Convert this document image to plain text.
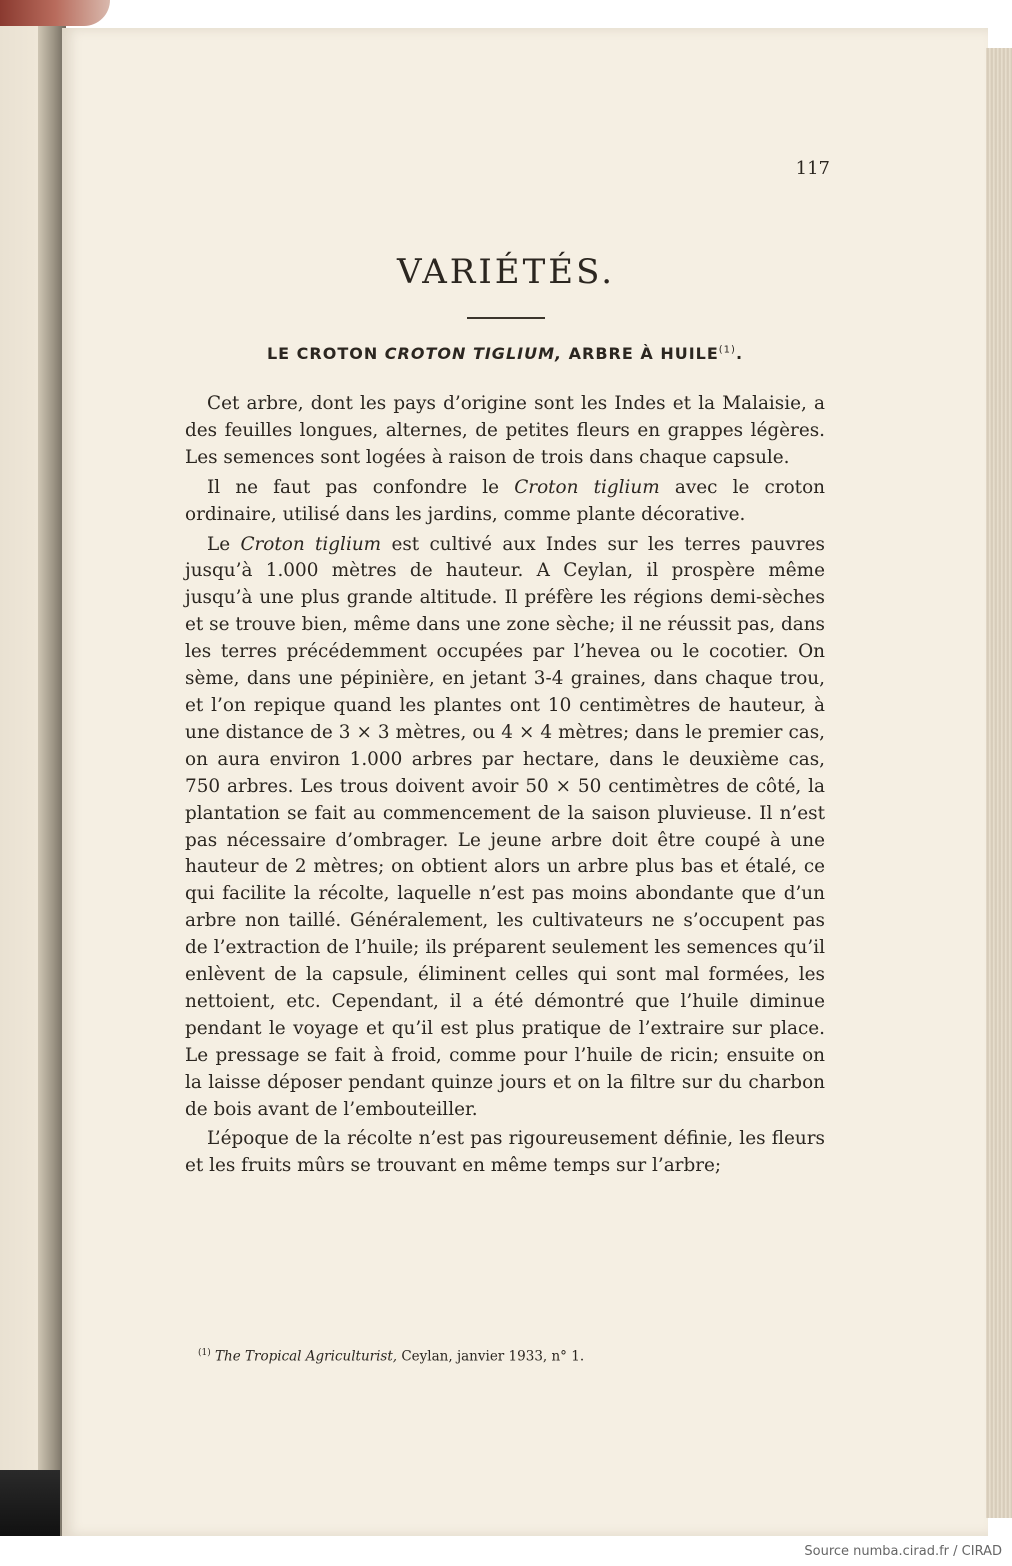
117
VARIÉTÉS.
LE CROTON CROTON TIGLIUM, ARBRE À HUILE$^{(1)}$.

Cet arbre, dont les pays d’origine sont les Indes et la Malaisie, a des feuilles longues, alternes, de petites fleurs en grappes légères. Les semences sont logées à raison de trois dans chaque capsule.

Il ne faut pas confondre le Croton tiglium avec le croton ordinaire, utilisé dans les jardins, comme plante décorative.

Le Croton tiglium est cultivé aux Indes sur les terres pauvres jusqu’à 1.000 mètres de hauteur. A Ceylan, il prospère même jusqu’à une plus grande altitude. Il préfère les régions demi-sèches et se trouve bien, même dans une zone sèche; il ne réussit pas, dans les terres précédemment occupées par l’hevea ou le cocotier. On sème, dans une pépinière, en jetant 3-4 graines, dans chaque trou, et l’on repique quand les plantes ont 10 centimètres de hauteur, à une distance de 3 × 3 mètres, ou 4 × 4 mètres; dans le premier cas, on aura environ 1.000 arbres par hectare, dans le deuxième cas, 750 arbres. Les trous doivent avoir 50 × 50 centimètres de côté, la plantation se fait au commencement de la saison pluvieuse. Il n’est pas nécessaire d’ombrager. Le jeune arbre doit être coupé à une hauteur de 2 mètres; on obtient alors un arbre plus bas et étalé, ce qui facilite la récolte, laquelle n’est pas moins abondante que d’un arbre non taillé. Généralement, les cultivateurs ne s’occupent pas de l’extraction de l’huile; ils préparent seulement les semences qu’il enlèvent de la capsule, éliminent celles qui sont mal formées, les nettoient, etc. Cependant, il a été démontré que l’huile diminue pendant le voyage et qu’il est plus pratique de l’extraire sur place. Le pressage se fait à froid, comme pour l’huile de ricin; ensuite on la laisse déposer pendant quinze jours et on la filtre sur du charbon de bois avant de l’embouteiller.

L’époque de la récolte n’est pas rigoureusement définie, les fleurs et les fruits mûrs se trouvant en même temps sur l’arbre;

$^{(1)}$ The Tropical Agriculturist, Ceylan, janvier 1933, n° 1.
Source numba.cirad.fr / CIRAD
